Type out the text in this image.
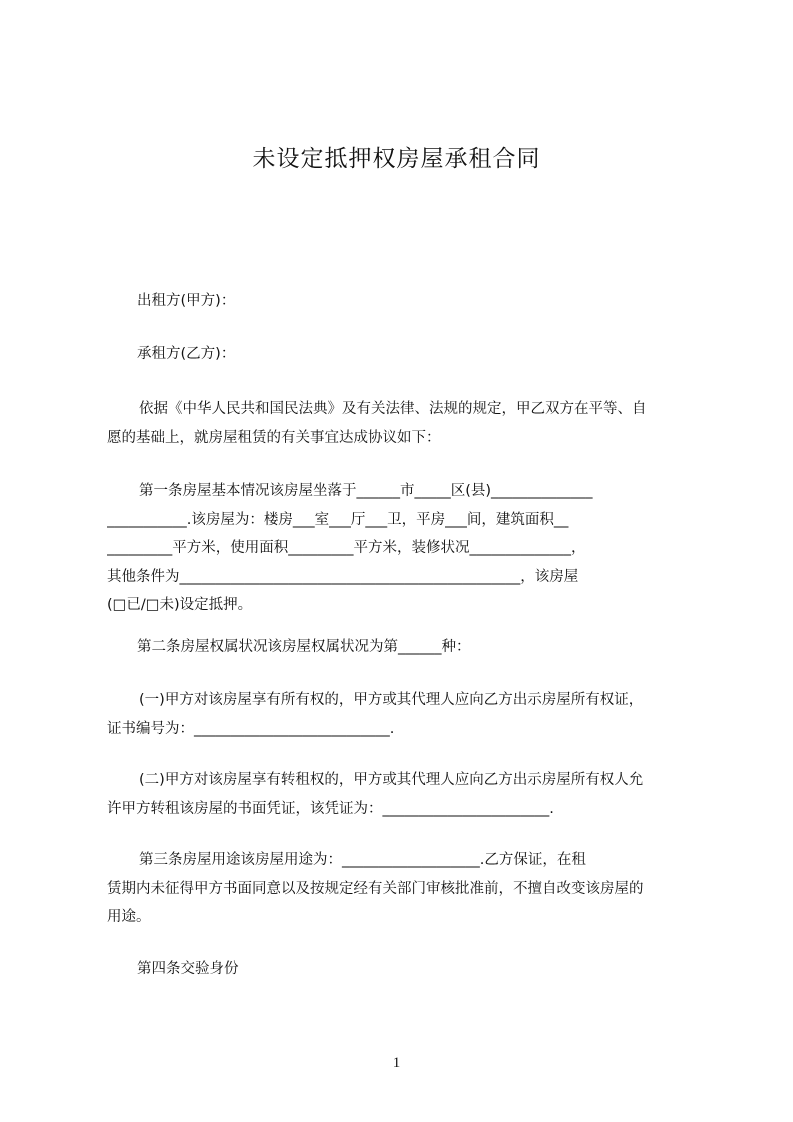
未设定抵押权房屋承租合同
出租方(甲方)：
承租方(乙方)：
依据《中华人民共和国民法典》及有关法律、法规的规定，甲乙双方在平等、自
愿的基础上，就房屋租赁的有关事宜达成协议如下：
第一条房屋基本情况该房屋坐落于______市_____区(县)______________
___________.该房屋为：楼房___室___厅___卫，平房___间，建筑面积__
_________平方米，使用面积_________平方米，装修状况______________，
其他条件为_______________________________________________，该房屋
(□已/□未)设定抵押。
第二条房屋权属状况该房屋权属状况为第______种：
(一)甲方对该房屋享有所有权的，甲方或其代理人应向乙方出示房屋所有权证，
证书编号为：___________________________.
(二)甲方对该房屋享有转租权的，甲方或其代理人应向乙方出示房屋所有权人允
许甲方转租该房屋的书面凭证，该凭证为：_______________________.
第三条房屋用途该房屋用途为：___________________.乙方保证，在租
赁期内未征得甲方书面同意以及按规定经有关部门审核批准前，不擅自改变该房屋的
用途。
第四条交验身份
1
